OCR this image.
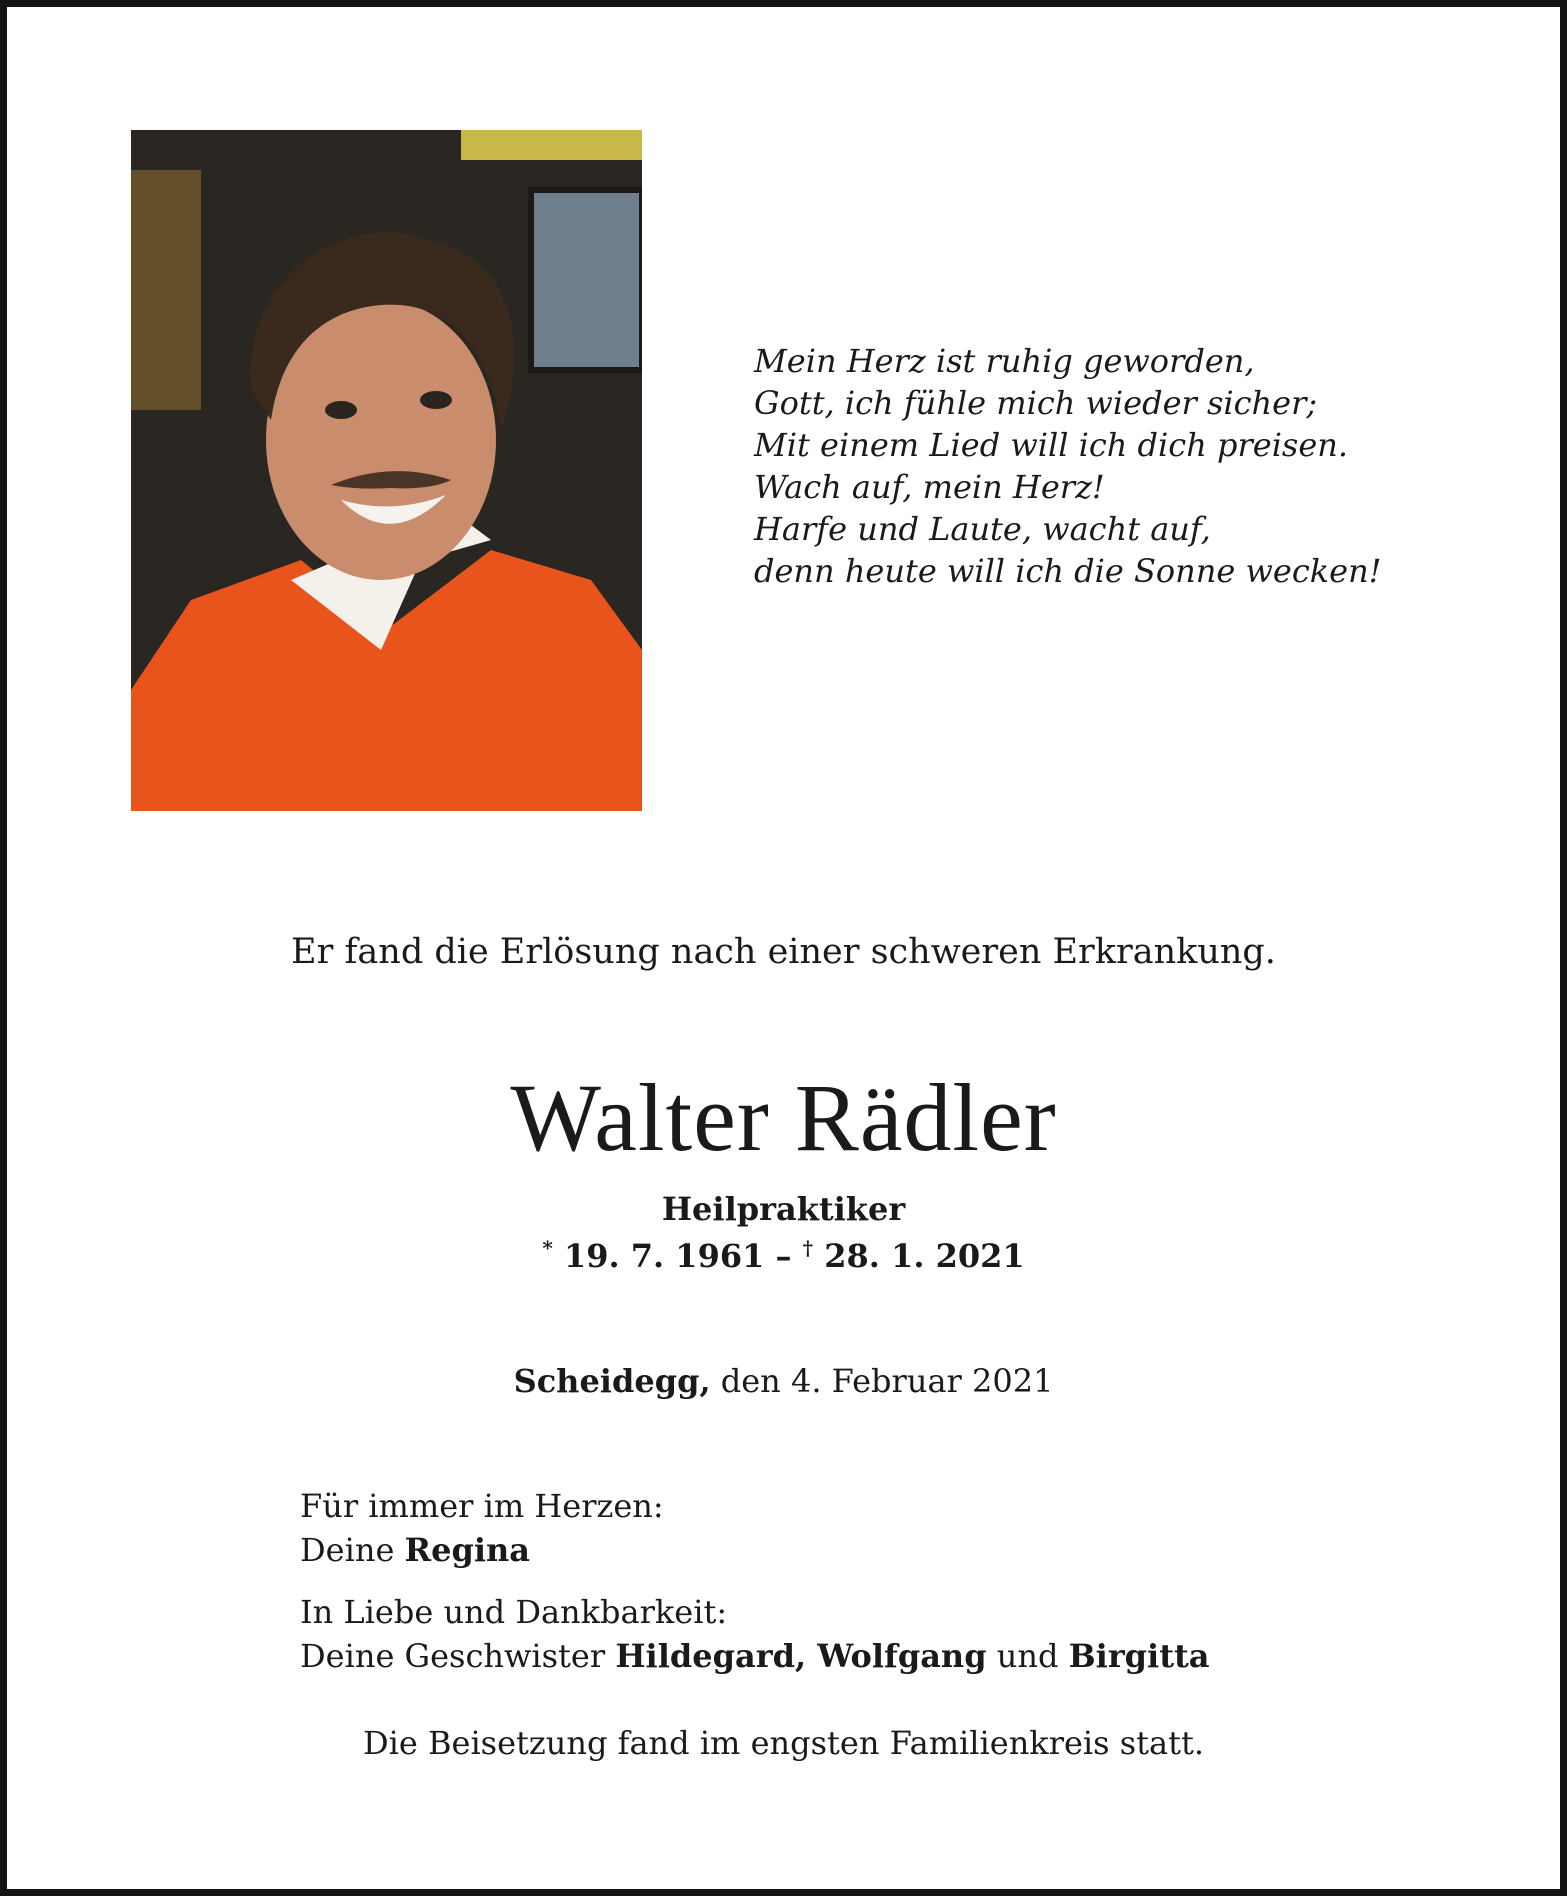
Mein Herz ist ruhig geworden,
Gott, ich fühle mich wieder sicher;
Mit einem Lied will ich dich preisen.
Wach auf, mein Herz!
Harfe und Laute, wacht auf,
denn heute will ich die Sonne wecken!
Er fand die Erlösung nach einer schweren Erkrankung.
Walter Rädler
Heilpraktiker
* 19. 7. 1961 – † 28. 1. 2021
Scheidegg, den 4. Februar 2021
Für immer im Herzen:
Deine Regina
In Liebe und Dankbarkeit:
Deine Geschwister Hildegard, Wolfgang und Birgitta
Die Beisetzung fand im engsten Familienkreis statt.
